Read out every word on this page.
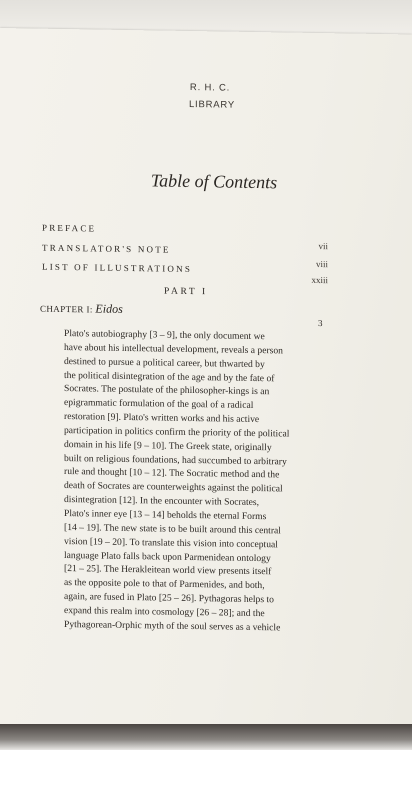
R. H. C.
LIBRARY
Table of Contents
PREFACE
vii
TRANSLATOR'S NOTE
viii
LIST OF ILLUSTRATIONS
xxiii
PART I
CHAPTER I: Eidos
3
Plato's autobiography [3 – 9], the only document we
have about his intellectual development, reveals a person
destined to pursue a political career, but thwarted by
the political disintegration of the age and by the fate of
Socrates. The postulate of the philosopher-kings is an
epigrammatic formulation of the goal of a radical
restoration [9]. Plato's written works and his active
participation in politics confirm the priority of the political
domain in his life [9 – 10]. The Greek state, originally
built on religious foundations, had succumbed to arbitrary
rule and thought [10 – 12]. The Socratic method and the
death of Socrates are counterweights against the political
disintegration [12]. In the encounter with Socrates,
Plato's inner eye [13 – 14] beholds the eternal Forms
[14 – 19]. The new state is to be built around this central
vision [19 – 20]. To translate this vision into conceptual
language Plato falls back upon Parmenidean ontology
[21 – 25]. The Herakleitean world view presents itself
as the opposite pole to that of Parmenides, and both,
again, are fused in Plato [25 – 26]. Pythagoras helps to
expand this realm into cosmology [26 – 28]; and the
Pythagorean-Orphic myth of the soul serves as a vehicle
